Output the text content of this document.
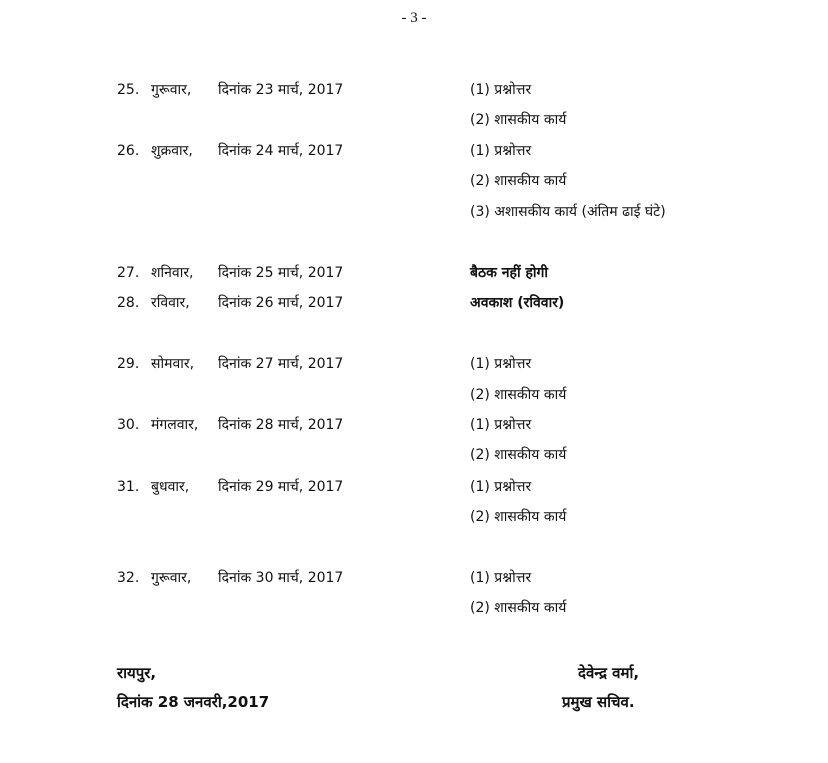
- 3 -
25. गुरूवार, दिनांक 23 मार्च, 2017	(1) प्रश्नोत्तर
(2) शासकीय कार्य
26. शुक्रवार, दिनांक 24 मार्च, 2017	(1) प्रश्नोत्तर
(2) शासकीय कार्य
(3) अशासकीय कार्य (अंतिम ढाई घंटे)
27. शनिवार, दिनांक 25 मार्च, 2017	बैठक नहीं होगी
28. रविवार, दिनांक 26 मार्च, 2017	अवकाश (रविवार)
29. सोमवार, दिनांक 27 मार्च, 2017	(1) प्रश्नोत्तर
(2) शासकीय कार्य
30. मंगलवार, दिनांक 28 मार्च, 2017	(1) प्रश्नोत्तर
(2) शासकीय कार्य
31. बुधवार, दिनांक 29 मार्च, 2017	(1) प्रश्नोत्तर
(2) शासकीय कार्य
32. गुरूवार, दिनांक 30 मार्च, 2017	(1) प्रश्नोत्तर
(2) शासकीय कार्य
रायपुर,
दिनांक 28 जनवरी,2017
देवेन्द्र वर्मा,
प्रमुख सचिव.
